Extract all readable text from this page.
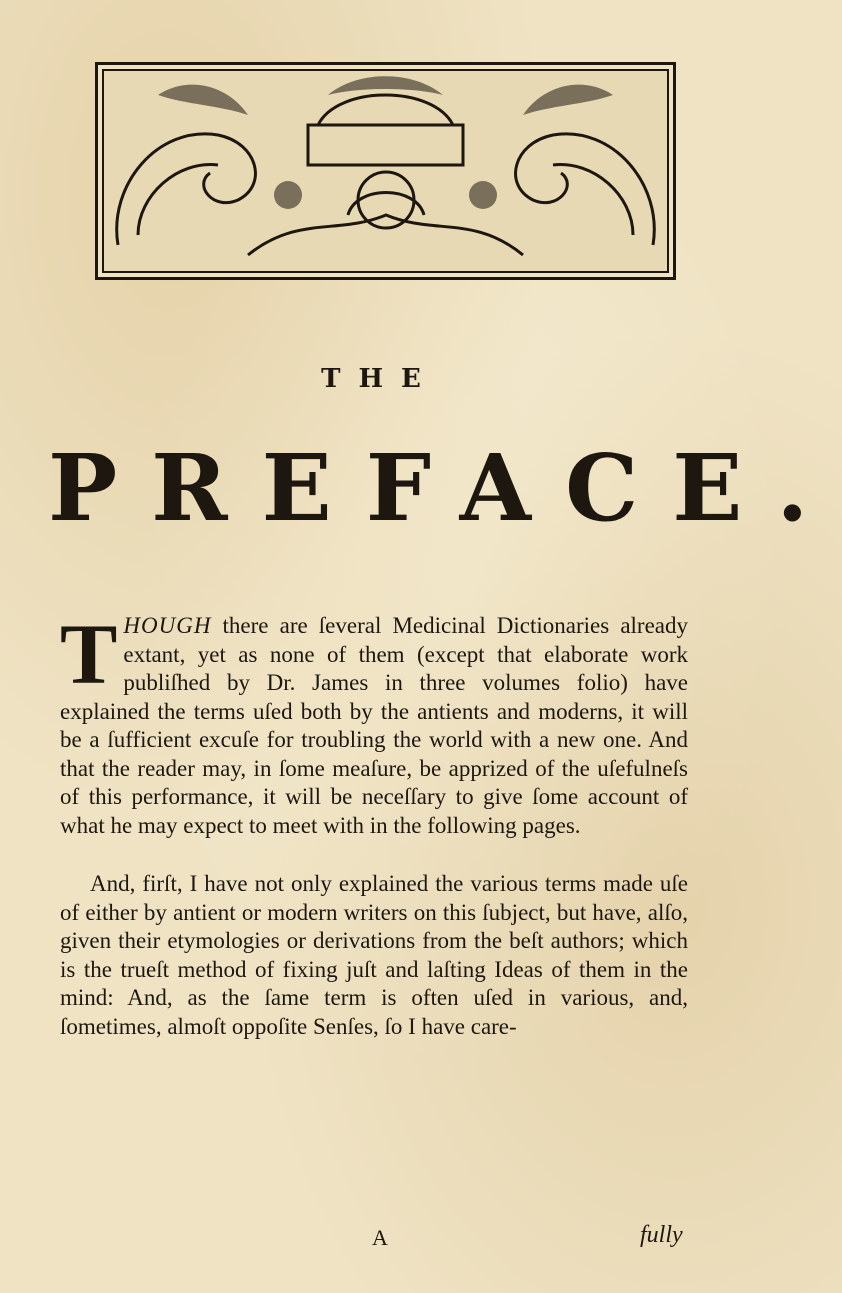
THE
PREFACE.
THOUGH there are ſeveral Medicinal Dictionaries already extant, yet as none of them (except that elaborate work publiſhed by Dr. James in three volumes folio) have explained the terms uſed both by the antients and moderns, it will be a ſufficient excuſe for troubling the world with a new one. And that the reader may, in ſome meaſure, be apprized of the uſefulneſs of this performance, it will be neceſſary to give ſome account of what he may expect to meet with in the following pages.
And, firſt, I have not only explained the various terms made uſe of either by antient or modern writers on this ſubject, but have, alſo, given their etymologies or derivations from the beſt authors; which is the trueſt method of fixing juſt and laſting Ideas of them in the mind: And, as the ſame term is often uſed in various, and, ſometimes, almoſt oppoſite Senſes, ſo I have care-
A	fully
